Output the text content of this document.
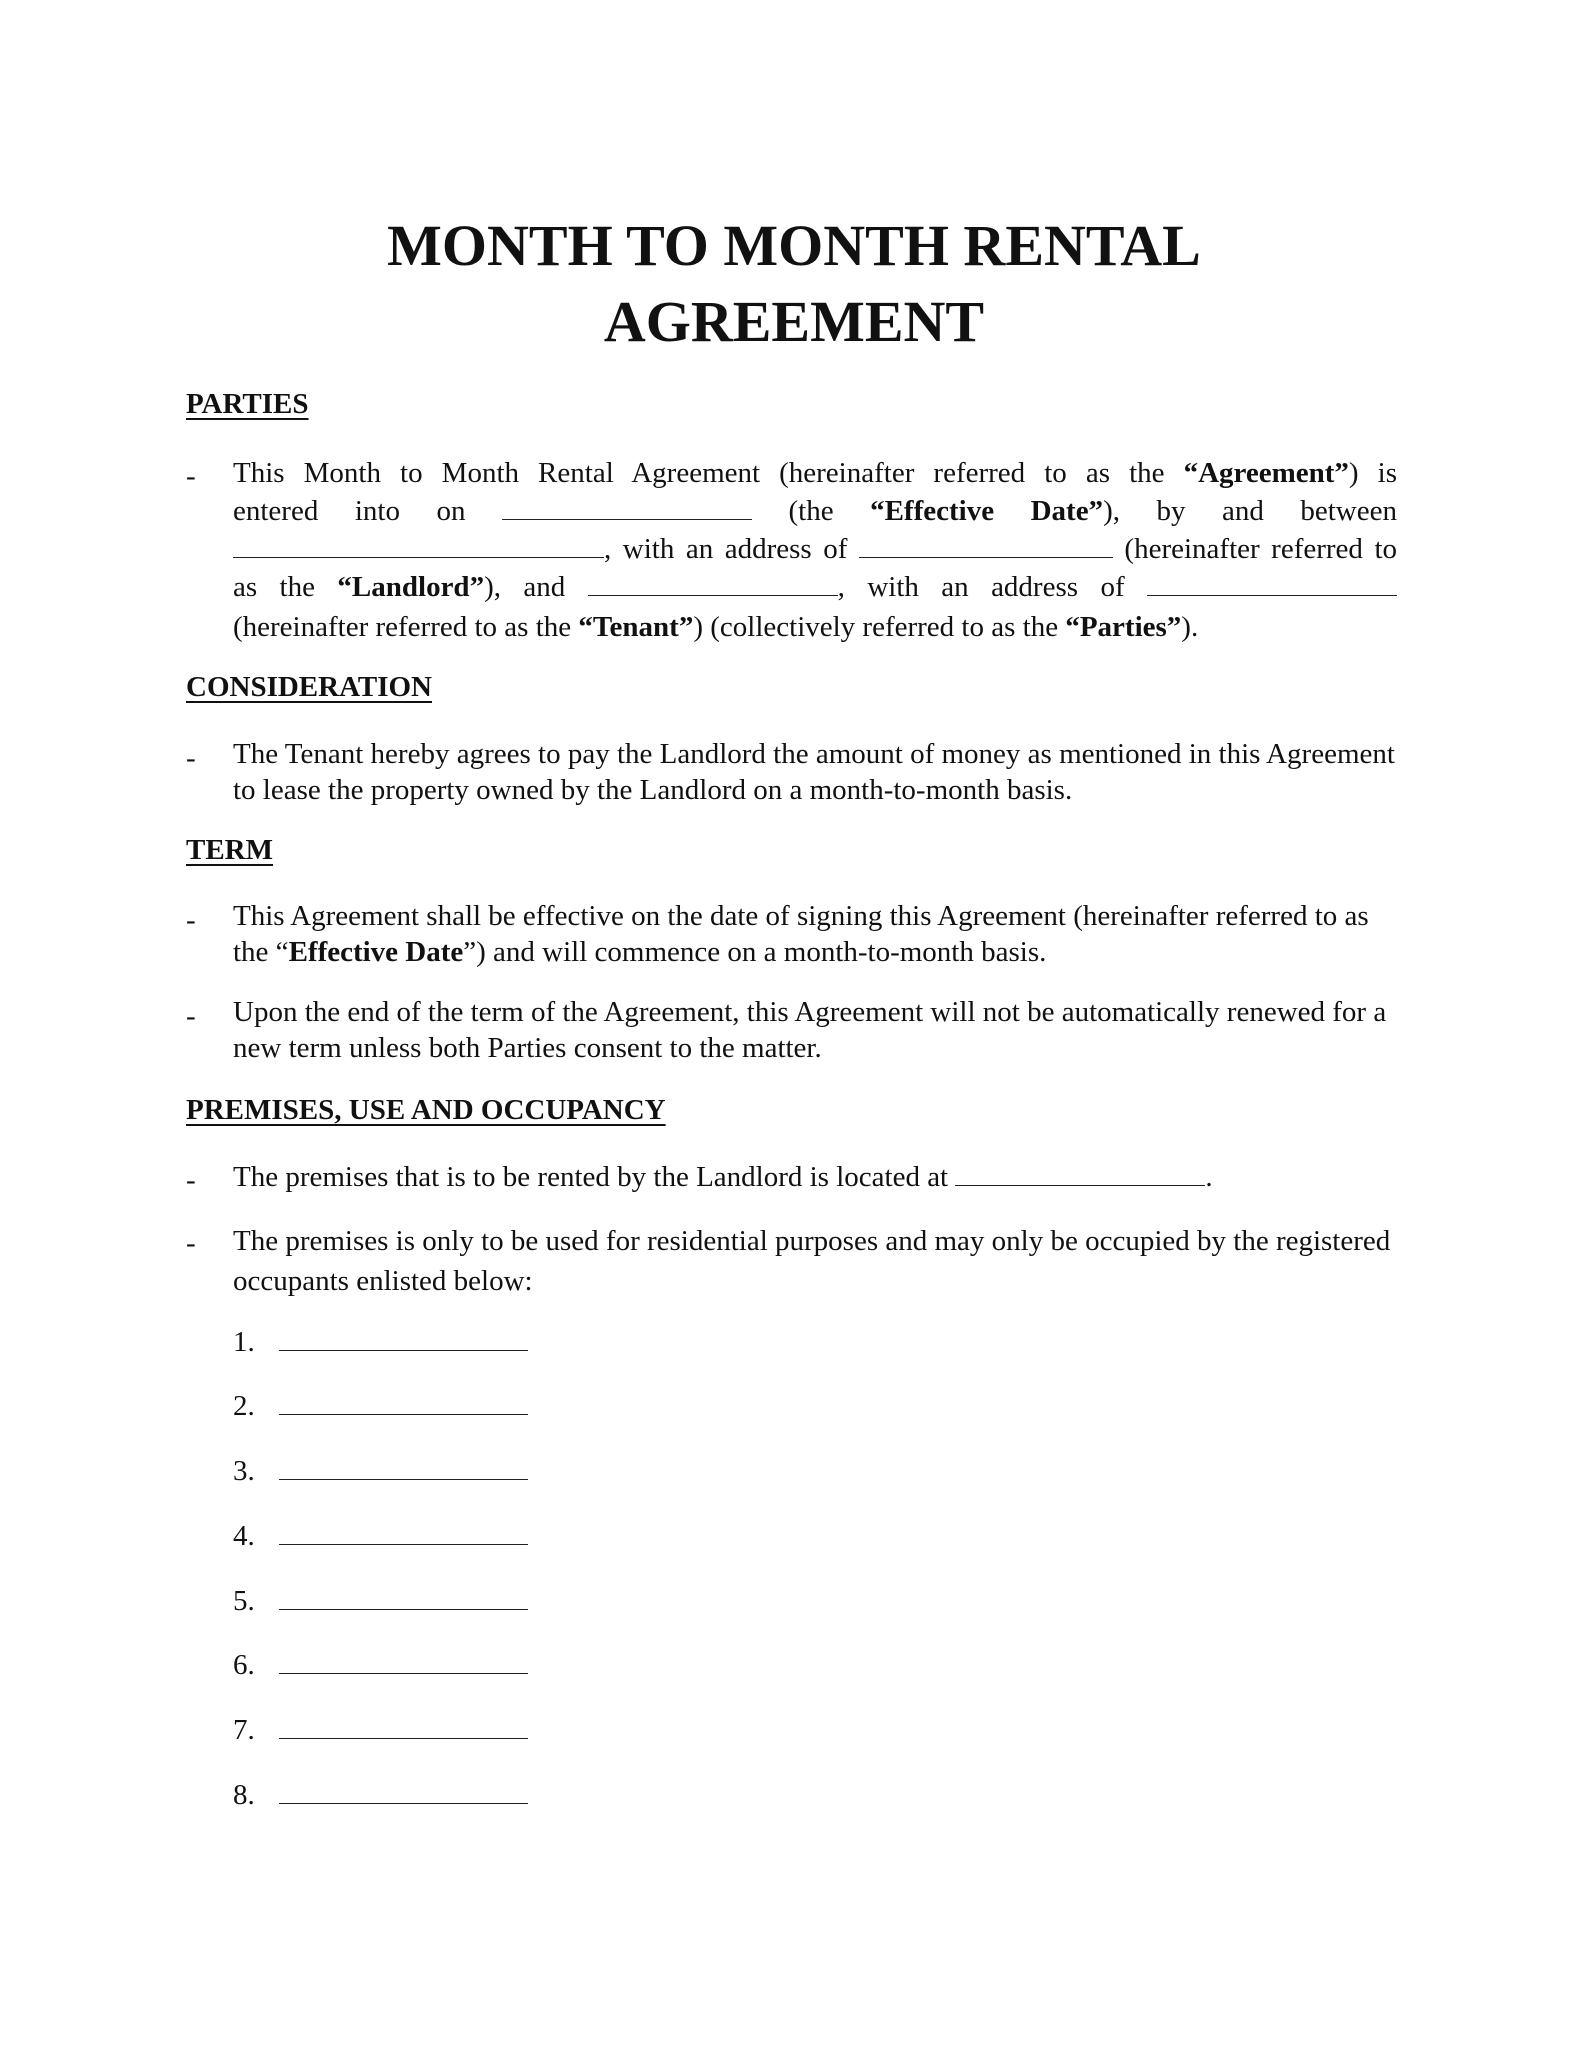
MONTH TO MONTH RENTAL
AGREEMENT
PARTIES
- This Month to Month Rental Agreement (hereinafter referred to as the “Agreement”) is
entered into on	(the “Effective Date”), by and between
, with an address of	(hereinafter referred to
as the “Landlord”), and	, with an address of
(hereinafter referred to as the “Tenant”) (collectively referred to as the “Parties”).
CONSIDERATION
- The Tenant hereby agrees to pay the Landlord the amount of money as mentioned in this Agreement to lease the property owned by the Landlord on a month-to-month basis.

TERM
- This Agreement shall be effective on the date of signing this Agreement (hereinafter referred to as the “Effective Date”) and will commence on a month-to-month basis.

- Upon the end of the term of the Agreement, this Agreement will not be automatically renewed for a new term unless both Parties consent to the matter.

PREMISES, USE AND OCCUPANCY
- The premises that is to be rented by the Landlord is located at	.

- The premises is only to be used for residential purposes and may only be occupied by the registered occupants enlisted below:

1.
2.
3.
4.
5.
6.
7.
8.
